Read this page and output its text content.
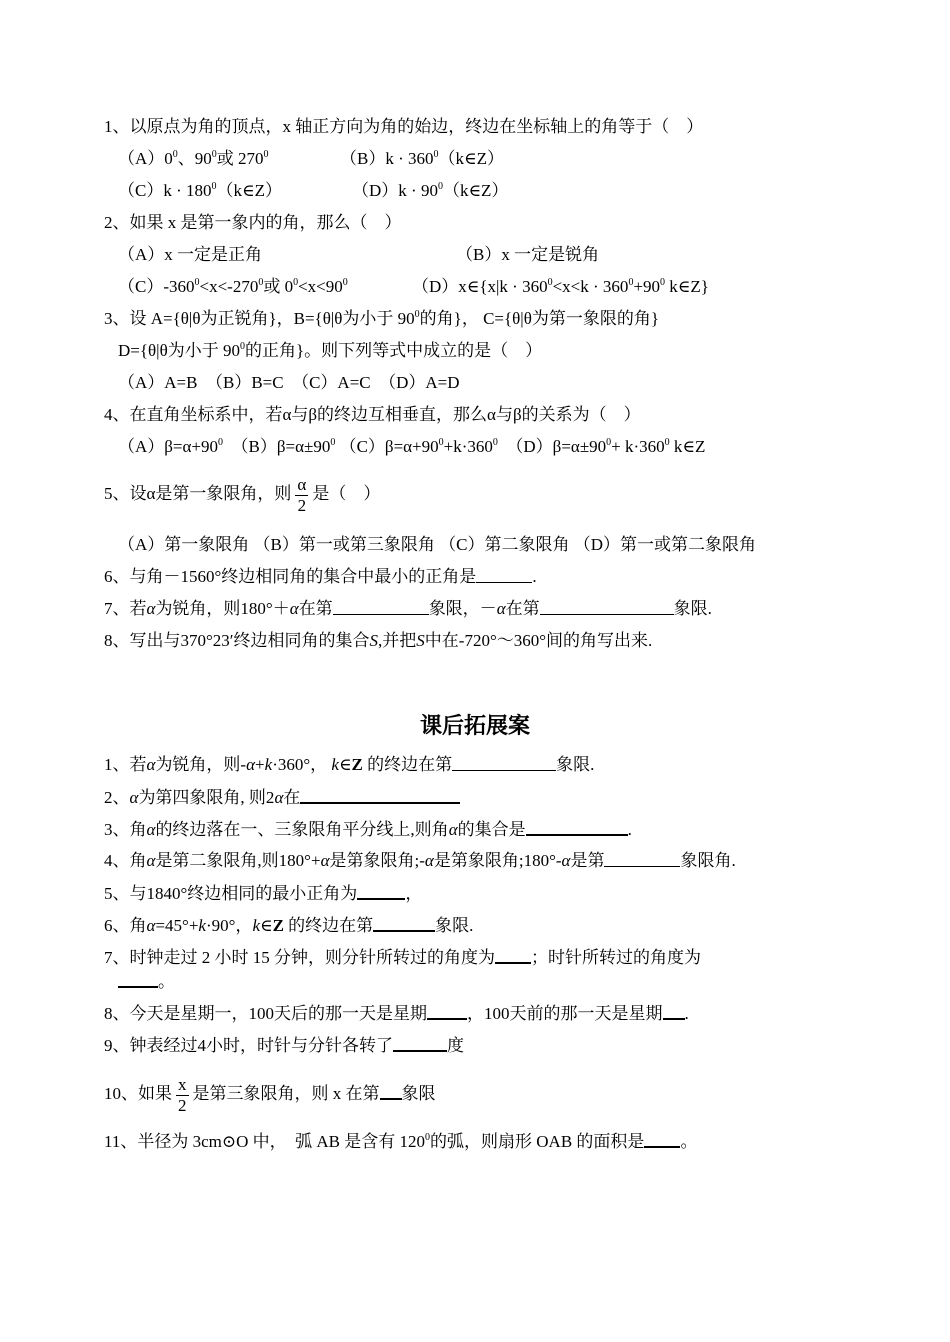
1、以原点为角的顶点，x 轴正方向为角的始边，终边在坐标轴上的角等于（　）
$(A)0^0$、$90^0$或 $270^0$	$(B)k \cdot 360^0(k\in Z)$
$(C)k \cdot 180^0(k\in Z)$	$(D)k \cdot 90^0(k\in Z)$
2、如果 x 是第一象内的角，那么（　）
（A）x 一定是正角	（B）x 一定是锐角
$(C)-360^0<x<-270^0$或 $0^0<x<90^0$	（D）x∈{x|k · $360^0<x<k \cdot 360^0+90^0$ k∈Z}
3、设 A={θ|θ为正锐角}，B={θ|θ为小于 $90^0$的角}， C={θ|θ为第一象限的角}
D={θ|θ为小于 $90^0$的正角}。则下列等式中成立的是（　）
（A）A=B　（B）B=C　（C）A=C　（D）A=D
4、在直角坐标系中，若α与β的终边互相垂直，那么α与β的关系为（　）
$(A)\beta=\alpha+90^0$ $(B)\beta=\alpha\pm 90^0$ $(C)\beta=\alpha+90^0+k\cdot 360^0$ $(D)\beta=\alpha\pm 90^0+ k\cdot 360^0$ k∈Z
5、设α是第一象限角，则 $\frac{\alpha}{2}$ 是（　）
（A）第一象限角 （B）第一或第三象限角 （C）第二象限角 （D）第一或第二象限角
6、与角－1560°终边相同角的集合中最小的正角是	.
7、若α为锐角，则180°＋α在第	象限，－α在第	象限.
8、写出与370°23′终边相同角的集合S,并把S中在-720°～360°间的角写出来.
课后拓展案
1、若α为锐角，则-α+k·360°， k∈Z 的终边在第	象限.
2、α为第四象限角, 则2α在
3、角α的终边落在一、三象限角平分线上,则角α的集合是	.
4、角α是第二象限角,则180°+α是第象限角;-α是第象限角;180°-α是第	象限角.
5、与1840°终边相同的最小正角为	，
6、角α=45°+k·90°，k∈Z 的终边在第	象限.
7、时钟走过 2 小时 15 分钟，则分针所转过的角度为 ；时针所转过的角度为
。
8、今天是星期一，100天后的那一天是星期 ，100天前的那一天是星期 .
9、钟表经过4小时，时针与分针各转了	度
10、如果 $\frac{x}{2}$ 是第三象限角，则 x 在第 象限
11、半径为 3cm⊙O 中，　弧 AB 是含有 $120^0$的弧，则扇形 OAB 的面积是 。
